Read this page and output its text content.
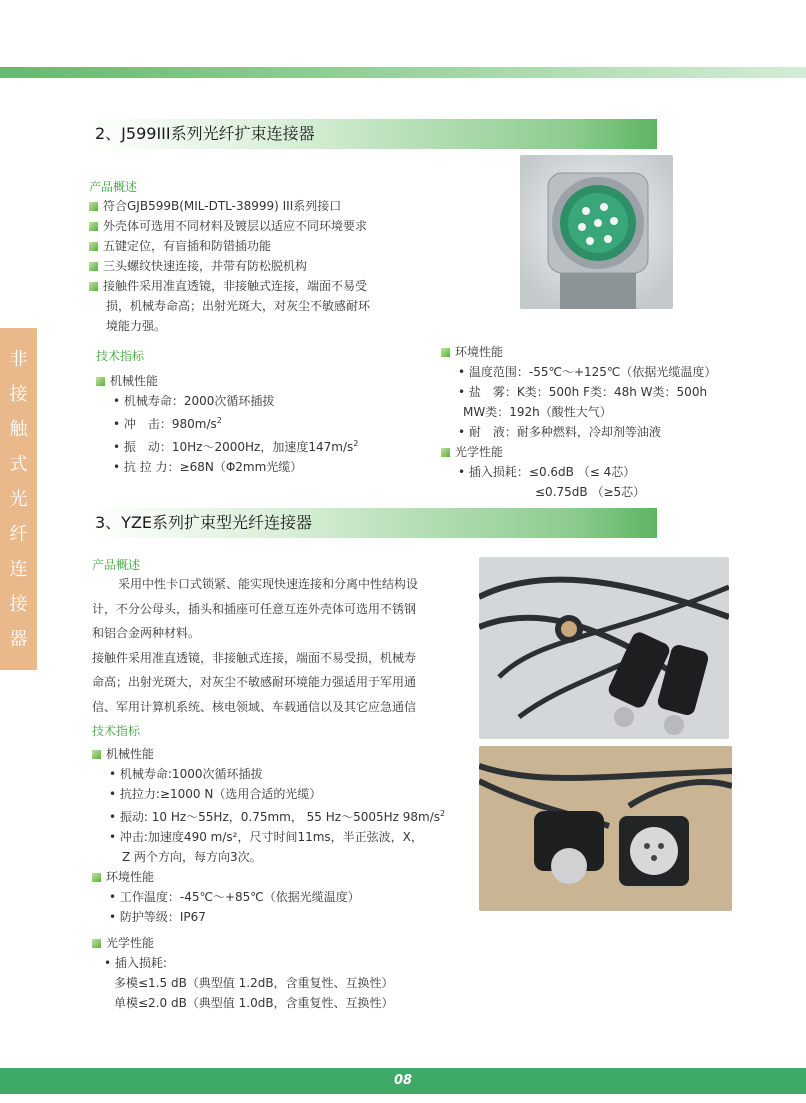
非
接
触
式
光
纤
连
接
器
2、J599III系列光纤扩束连接器
产品概述

符合GJB599B(MIL-DTL-38999) III系列接口

外壳体可选用不同材料及镀层以适应不同环境要求

五键定位，有盲插和防错插功能

三头螺纹快速连接，并带有防松脱机构

接触件采用准直透镜，非接触式连接，端面不易受

损，机械寿命高；出射光斑大，对灰尘不敏感耐环

境能力强。

技术指标

机械性能

• 机械寿命：2000次循环插拔

• 冲　击：$980m/s^2$

• 振　动：10Hz～2000Hz，加速度$147m/s^2$

• 抗 拉 力：≥68N（Φ2mm光缆）

环境性能

• 温度范围：-55℃～+125℃（依据光缆温度）

• 盐　雾：K类：500h F类：48h W类：500h

MW类：192h（酸性大气）

• 耐　液：耐多种燃料，冷却剂等油液

光学性能

• 插入损耗：≤0.6dB （≤ 4芯）

≤0.75dB （≥5芯）

3、YZE系列扩束型光纤连接器
产品概述

采用中性卡口式锁紧、能实现快速连接和分离中性结构设

计，不分公母头，插头和插座可任意互连外壳体可选用不锈钢

和铝合金两种材料。

接触件采用准直透镜，非接触式连接，端面不易受损，机械寿

命高；出射光斑大，对灰尘不敏感耐环境能力强适用于军用通

信、军用计算机系统、核电领域、车载通信以及其它应急通信

技术指标

机械性能

• 机械寿命:1000次循环插拔

• 抗拉力:≥1000 N（选用合适的光缆）

• 振动: 10 Hz～55Hz，0.75mm， 55 Hz～5005Hz $98m/s^2$

• 冲击:加速度490 m/s²，尺寸时间11ms，半正弦波，X，

Z 两个方向，每方向3次。

环境性能

• 工作温度：-45℃～+85℃（依据光缆温度）

• 防护等级：IP67

光学性能

• 插入损耗:

多模≤1.5 dB（典型值 1.2dB，含重复性、互换性）

单模≤2.0 dB（典型值 1.0dB，含重复性、互换性）

08
